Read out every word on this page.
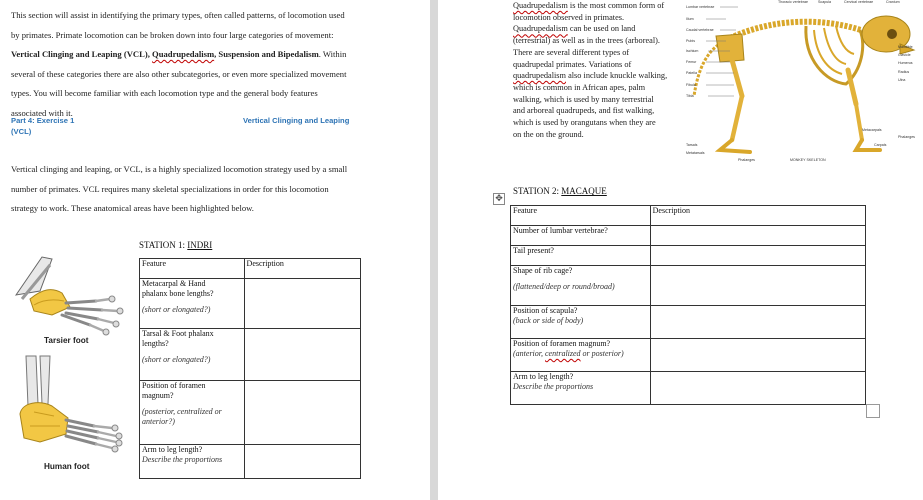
This section will assist in identifying the primary types, often called patterns, of locomotion used
by primates. Primate locomotion can be broken down into four large categories of movement:
Vertical Clinging and Leaping (VCL), Quadrupedalism, Suspension and Bipedalism. Within
several of these categories there are also other subcategories, or even more specialized movement
types. You will become familiar with each locomotion type and the general body features
associated with it.
Part 4: Exercise 1
(VCL)
Vertical Clinging and Leaping
Vertical clinging and leaping, or VCL, is a highly specialized locomotion strategy used by a small
number of primates. VCL requires many skeletal specializations in order for this locomotion
strategy to work. These anatomical areas have been highlighted below.
STATION 1: INDRI
Feature	Description

Metacarpal & Hand
phalanx bone lengths?
(short or elongated?)	

Tarsal & Foot phalanx
lengths?
(short or elongated?)	

Position of foramen
magnum?
(posterior, centralized or
anterior?)	

Arm to leg length?
Describe the proportions	

Tarsier foot
Human foot
Quadrupedalism is the most common form of
locomotion observed in primates.
Quadrupedalism can be used on land
(terrestrial) as well as in the trees (arboreal).
There are several different types of
quadrupedal primates. Variations of
quadrupedalism also include knuckle walking,
which is common in African apes, palm
walking, which is used by many terrestrial
and arboreal quadrupeds, and fist walking,
which is used by orangutans when they are
on the on the ground.
Lumbar vertebrae
Ilium
Caudal vertebrae
Pubis
Ischium
Femur
Patella
Fibula
Tibia
Thoracic vertebrae	Scapula	Cervical vertebrae	Cranium
Mandible
Clavicle
Humerus
Radius
Ulna
Metacarpals
Phalanges
Carpals
Tarsals
Metatarsals
Phalanges	MONKEY SKELETON
✥
STATION 2: MACAQUE
Feature	Description

Number of lumbar vertebrae?	

Tail present?	

Shape of rib cage?
(flattened/deep or round/broad)	

Position of scapula?
(back or side of body)	

Position of foramen magnum?
(anterior, centralized or posterior)	

Arm to leg length?
Describe the proportions	
